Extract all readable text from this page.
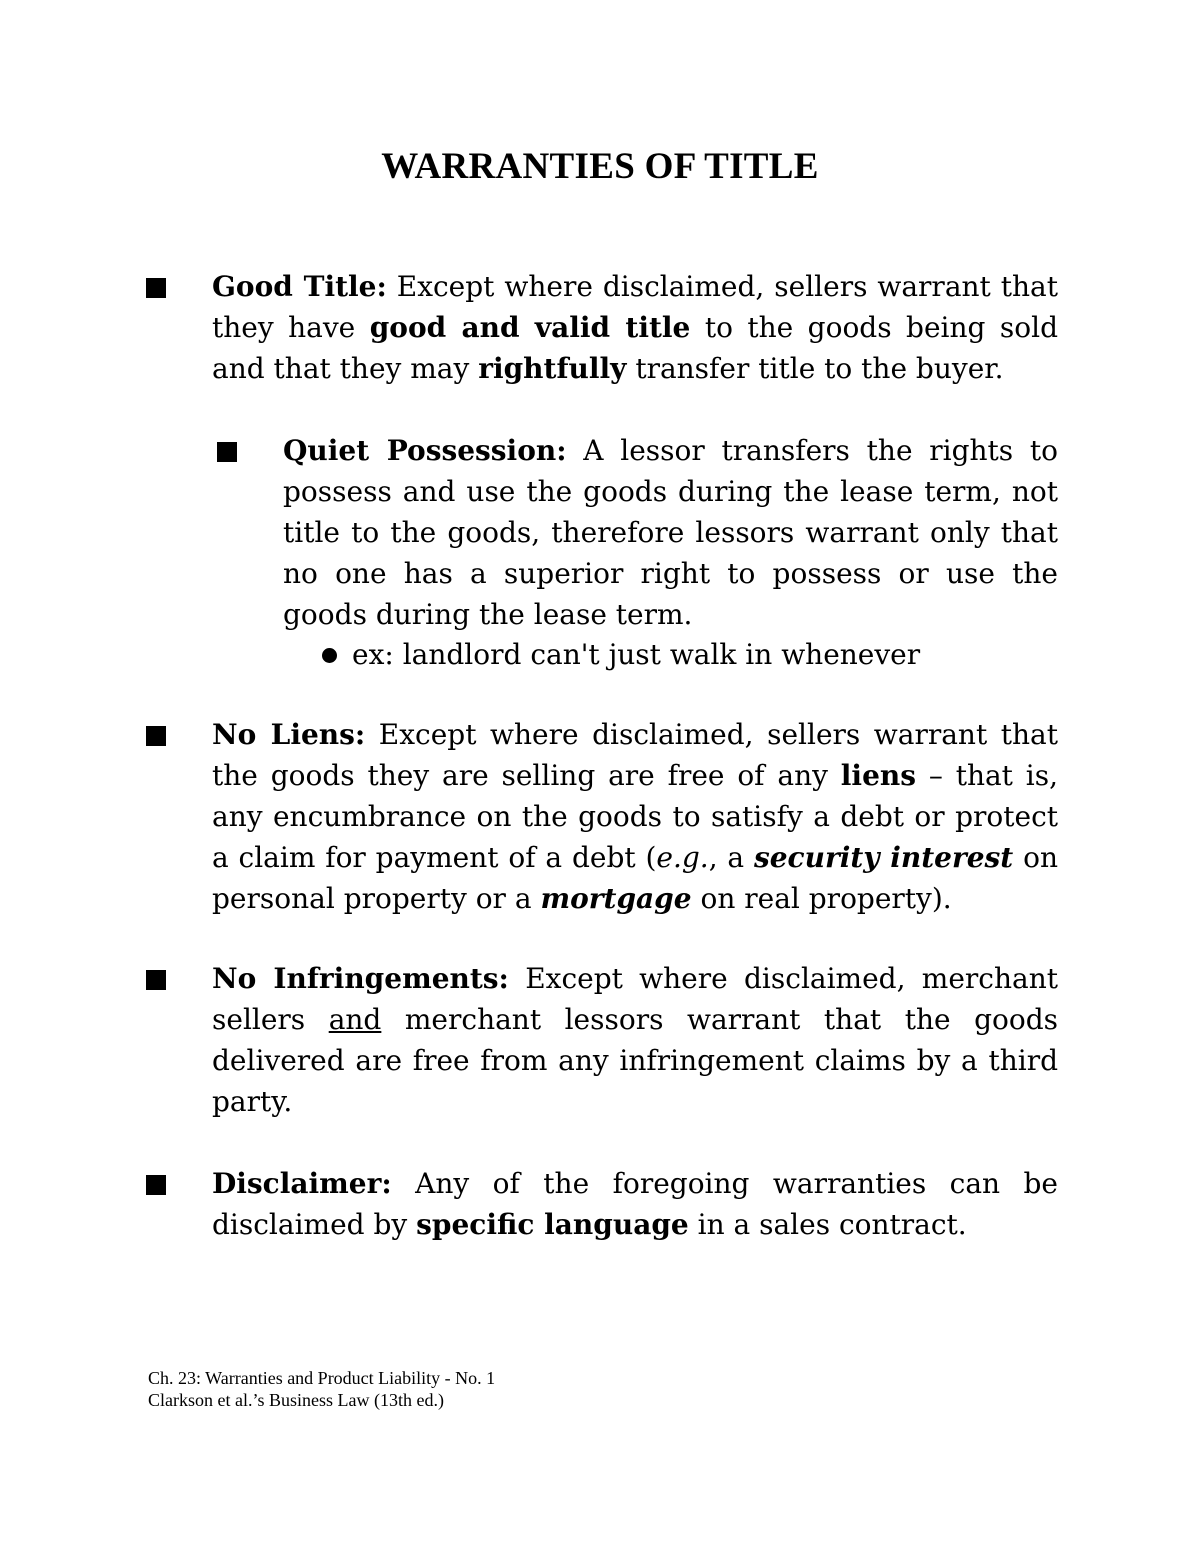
WARRANTIES OF TITLE

Good Title: Except where disclaimed, sellers warrant that they have good and valid title to the goods being sold and that they may rightfully transfer title to the buyer.

Quiet Possession: A lessor transfers the rights to possess and use the goods during the lease term, not title to the goods, therefore lessors warrant only that no one has a superior right to possess or use the goods during the lease term.

ex: landlord can't just walk in whenever

No Liens: Except where disclaimed, sellers warrant that the goods they are selling are free of any liens – that is, any encumbrance on the goods to satisfy a debt or protect a claim for payment of a debt (e.g., a security interest on personal property or a mortgage on real property).

No Infringements: Except where disclaimed, merchant sellers and merchant lessors warrant that the goods delivered are free from any infringement claims by a third party.

Disclaimer: Any of the foregoing warranties can be disclaimed by specific language in a sales contract.

Ch. 23: Warranties and Product Liability - No. 1
Clarkson et al.’s Business Law (13th ed.)
